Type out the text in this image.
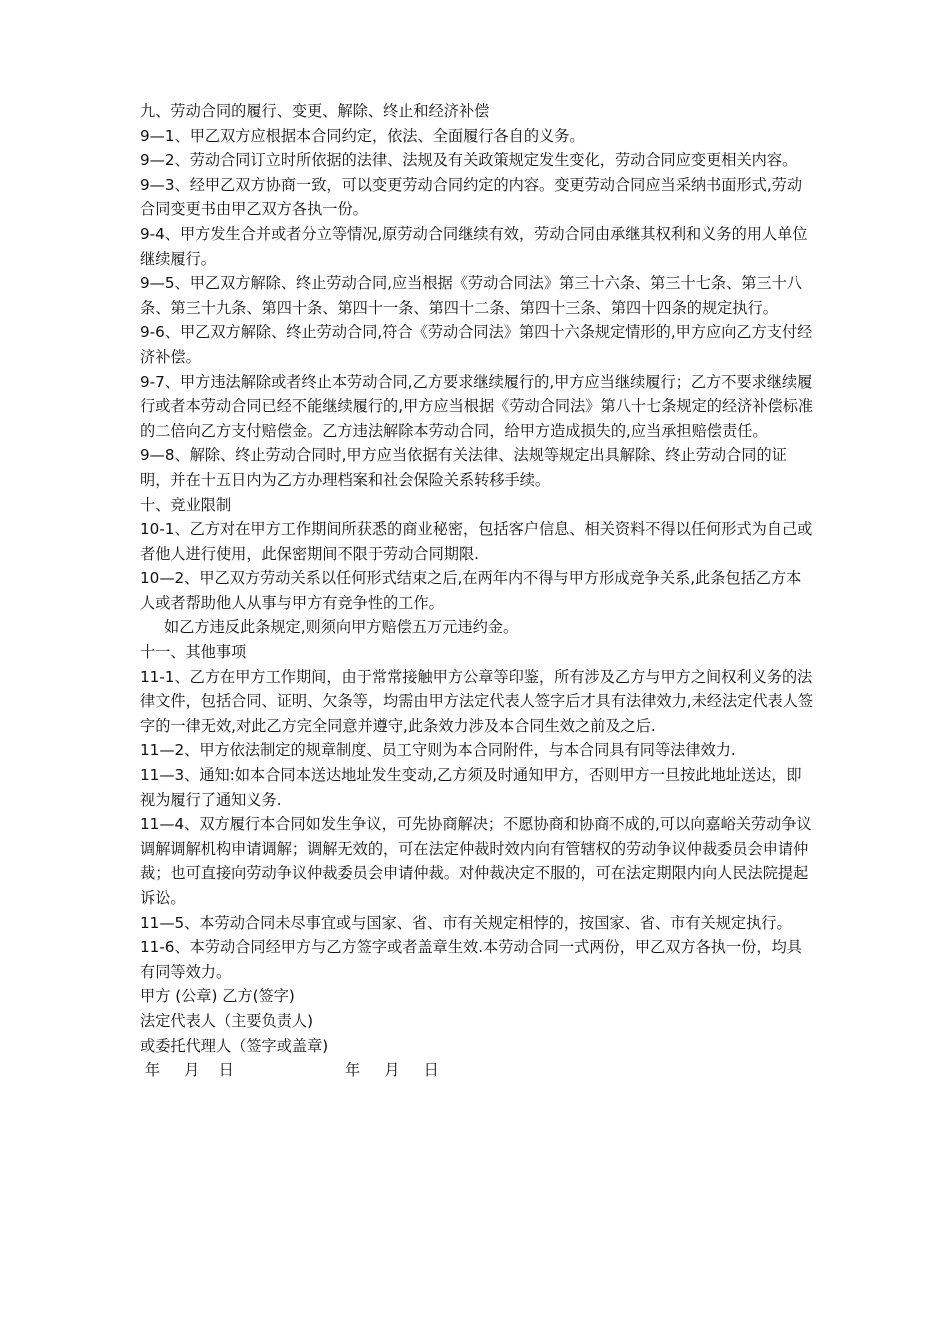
九、劳动合同的履行、变更、解除、终止和经济补偿

9—1、甲乙双方应根据本合同约定，依法、全面履行各自的义务。

9—2、劳动合同订立时所依据的法律、法规及有关政策规定发生变化，劳动合同应变更相关内容。

9—3、经甲乙双方协商一致，可以变更劳动合同约定的内容。变更劳动合同应当采纳书面形式,劳动合同变更书由甲乙双方各执一份。

9-4、甲方发生合并或者分立等情况,原劳动合同继续有效，劳动合同由承继其权利和义务的用人单位继续履行。

9—5、甲乙双方解除、终止劳动合同,应当根据《劳动合同法》第三十六条、第三十七条、第三十八条、第三十九条、第四十条、第四十一条、第四十二条、第四十三条、第四十四条的规定执行。

9-6、甲乙双方解除、终止劳动合同,符合《劳动合同法》第四十六条规定情形的,甲方应向乙方支付经济补偿。

9-7、甲方违法解除或者终止本劳动合同,乙方要求继续履行的,甲方应当继续履行；乙方不要求继续履行或者本劳动合同已经不能继续履行的,甲方应当根据《劳动合同法》第八十七条规定的经济补偿标准的二倍向乙方支付赔偿金。乙方违法解除本劳动合同，给甲方造成损失的,应当承担赔偿责任。

9—8、解除、终止劳动合同时,甲方应当依据有关法律、法规等规定出具解除、终止劳动合同的证明，并在十五日内为乙方办理档案和社会保险关系转移手续。

十、竞业限制

10-1、乙方对在甲方工作期间所获悉的商业秘密，包括客户信息、相关资料不得以任何形式为自己或者他人进行使用，此保密期间不限于劳动合同期限.

10—2、甲乙双方劳动关系以任何形式结束之后,在两年内不得与甲方形成竞争关系,此条包括乙方本人或者帮助他人从事与甲方有竞争性的工作。

如乙方违反此条规定,则须向甲方赔偿五万元违约金。

十一、其他事项

11-1、乙方在甲方工作期间，由于常常接触甲方公章等印鉴，所有涉及乙方与甲方之间权利义务的法律文件，包括合同、证明、欠条等，均需由甲方法定代表人签字后才具有法律效力,未经法定代表人签字的一律无效,对此乙方完全同意并遵守,此条效力涉及本合同生效之前及之后.

11—2、甲方依法制定的规章制度、员工守则为本合同附件，与本合同具有同等法律效力.

11—3、通知:如本合同本送达地址发生变动,乙方须及时通知甲方，否则甲方一旦按此地址送达，即视为履行了通知义务.

11—4、双方履行本合同如发生争议，可先协商解决；不愿协商和协商不成的,可以向嘉峪关劳动争议调解调解机构申请调解；调解无效的，可在法定仲裁时效内向有管辖权的劳动争议仲裁委员会申请仲裁；也可直接向劳动争议仲裁委员会申请仲裁。对仲裁决定不服的，可在法定期限内向人民法院提起诉讼。

11—5、本劳动合同未尽事宜或与国家、省、市有关规定相悖的，按国家、省、市有关规定执行。

11-6、本劳动合同经甲方与乙方签字或者盖章生效.本劳动合同一式两份，甲乙双方各执一份，均具有同等效力。

甲方 (公章) 乙方(签字)

法定代表人（主要负责人)

或委托代理人（签字或盖章)

年     月    日	年     月     日
